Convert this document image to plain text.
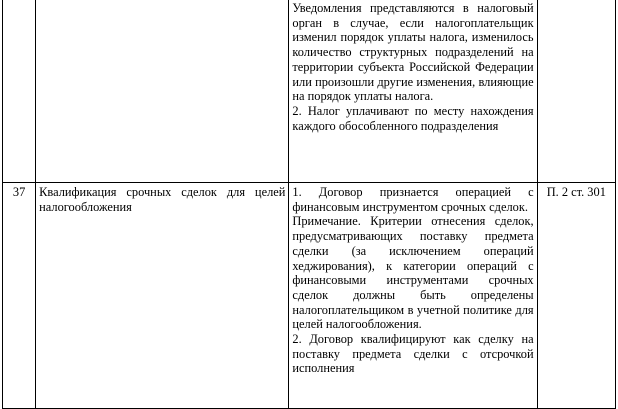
		Уведомления представляются в налоговый орган в случае, если налогоплательщик изменил порядок уплаты налога, изменилось количество структурных подразделений на территории субъекта Российской Федерации или произошли другие изменения, влияющие на порядок уплаты налога.

2. Налог уплачивают по месту нахождения каждого обособленного подразделения	

37	Квалификация срочных сделок для целей налогообложения	1. Договор признается операцией с финансовым инструментом срочных сделок.

Примечание. Критерии отнесения сделок, предусматривающих поставку предмета сделки (за исключением операций хеджирования), к категории операций с финансовыми инструментами срочных сделок должны быть определены налогоплательщиком в учетной политике для целей налогообложения.

2. Договор квалифицируют как сделку на поставку предмета сделки с отсрочкой исполнения	П. 2 ст. 301
